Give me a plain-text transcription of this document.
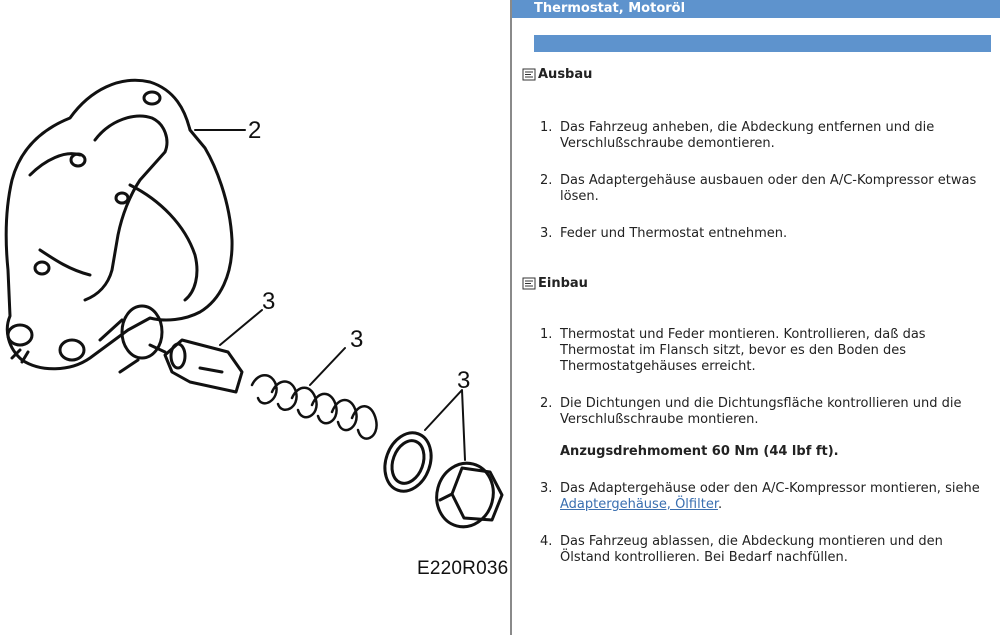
2
3
3
3
E220R036
Thermostat, Motoröl
Ausbau
1. Das Fahrzeug anheben, die Abdeckung entfernen und die Verschlußschraube demontieren.
2. Das Adaptergehäuse ausbauen oder den A/C-Kompressor etwas lösen.
3. Feder und Thermostat entnehmen.
Einbau
1. Thermostat und Feder montieren. Kontrollieren, daß das Thermostat im Flansch sitzt, bevor es den Boden des Thermostatgehäuses erreicht.
2. Die Dichtungen und die Dichtungsfläche kontrollieren und die Verschlußschraube montieren.
Anzugsdrehmoment 60 Nm (44 lbf ft).
3. Das Adaptergehäuse oder den A/C-Kompressor montieren, siehe Adaptergehäuse, Ölfilter.
4. Das Fahrzeug ablassen, die Abdeckung montieren und den Ölstand kontrollieren. Bei Bedarf nachfüllen.
